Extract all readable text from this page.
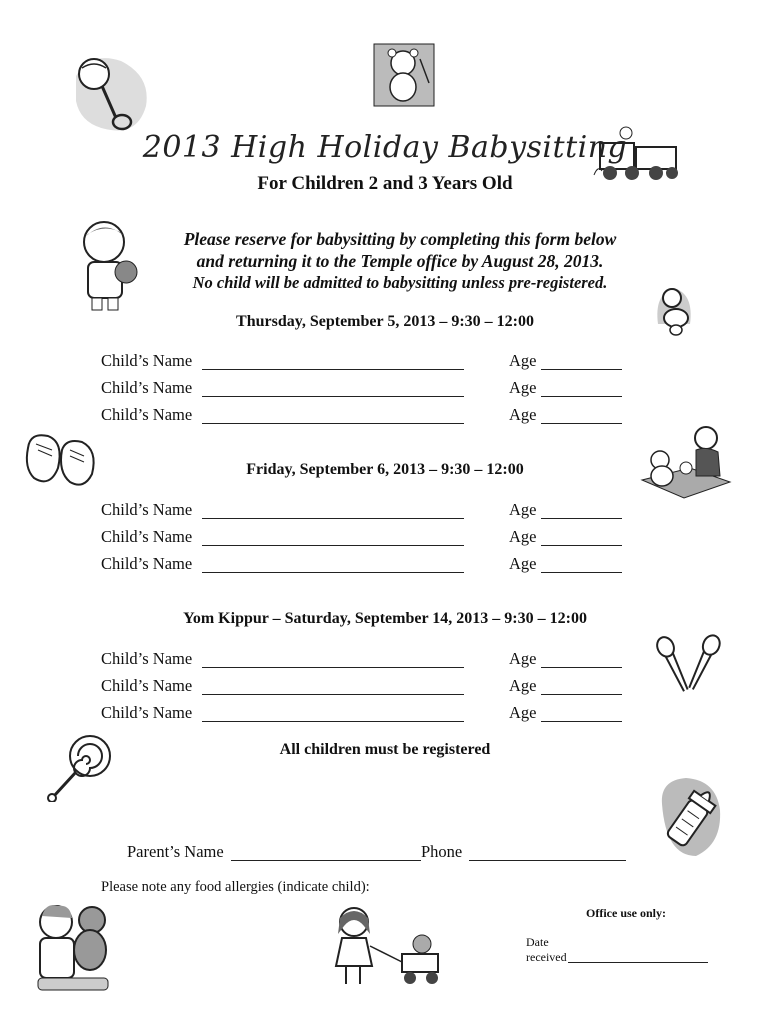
2013 High Holiday Babysitting
For Children 2 and 3 Years Old
Please reserve for babysitting by completing this form below
and returning it to the Temple office by August 28, 2013.
No child will be admitted to babysitting unless pre-registered.
Thursday, September 5, 2013 – 9:30 – 12:00
Child’s Name	Age
Child’s Name	Age
Child’s Name	Age
Friday, September 6, 2013 – 9:30 – 12:00
Child’s Name	Age
Child’s Name	Age
Child’s Name	Age
Yom Kippur – Saturday, September 14, 2013 – 9:30 – 12:00
Child’s Name	Age
Child’s Name	Age
Child’s Name	Age
All children must be registered
Parent’s Name	Phone
Please note any food allergies (indicate child):
Office use only:
Date
received
